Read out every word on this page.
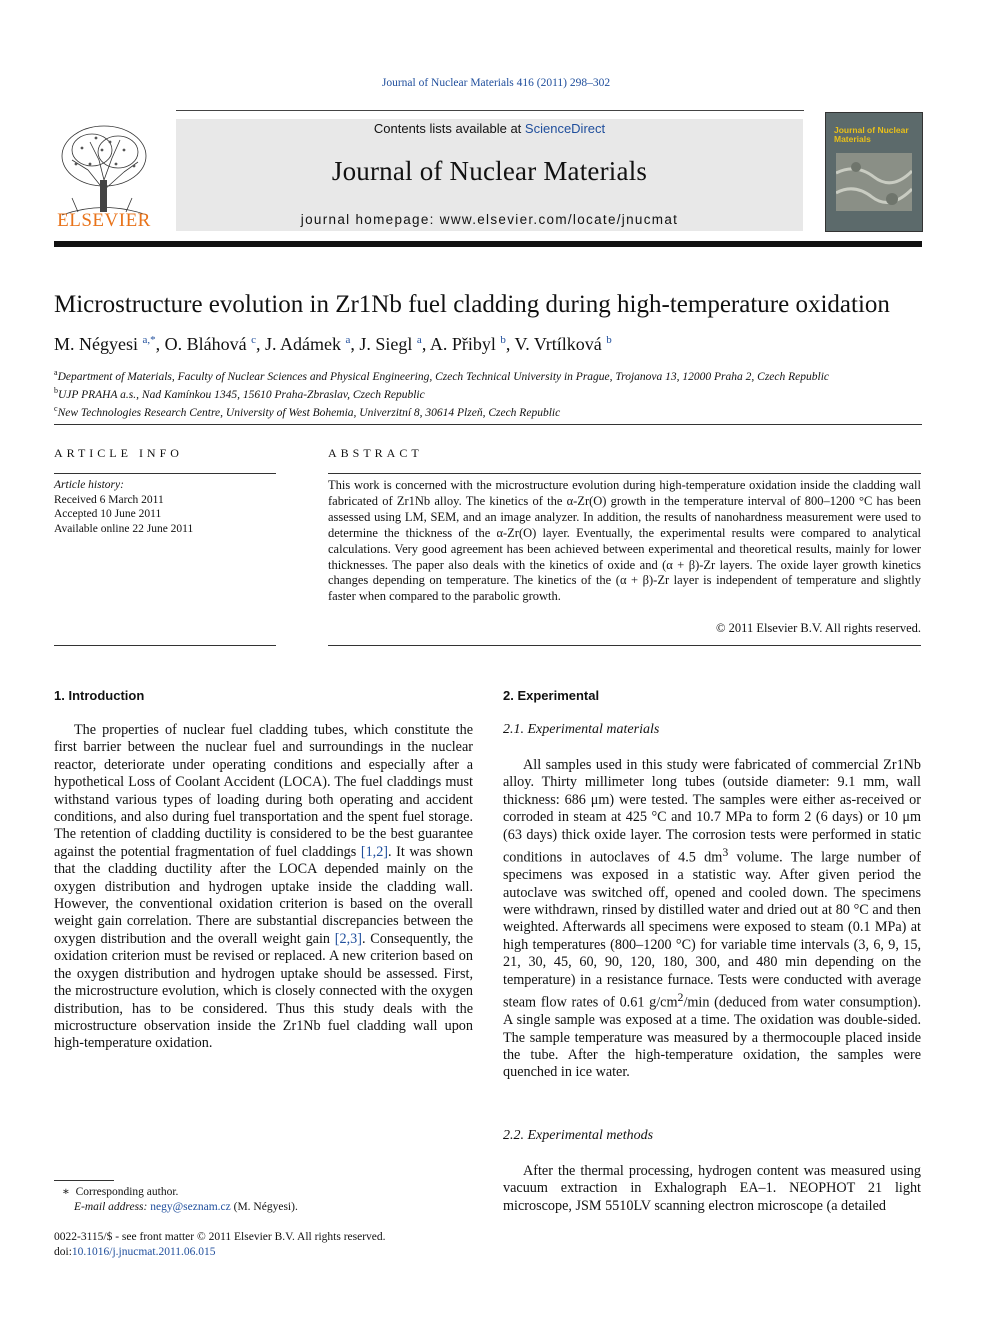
Journal of Nuclear Materials 416 (2011) 298–302
Contents lists available at ScienceDirect
Journal of Nuclear Materials
journal homepage: www.elsevier.com/locate/jnucmat
ELSEVIER
Journal of Nuclear Materials
Microstructure evolution in Zr1Nb fuel cladding during high-temperature oxidation
M. Négyesi $^{a,*}$, O. Bláhová $^c$, J. Adámek $^a$, J. Siegl $^a$, A. Přibyl $^b$, V. Vrtílková $^b$
$^a$Department of Materials, Faculty of Nuclear Sciences and Physical Engineering, Czech Technical University in Prague, Trojanova 13, 12000 Praha 2, Czech Republic
$^b$UJP PRAHA a.s., Nad Kamínkou 1345, 15610 Praha-Zbraslav, Czech Republic
$^c$New Technologies Research Centre, University of West Bohemia, Univerzitní 8, 30614 Plzeň, Czech Republic
ARTICLE INFO
Article history:
Received 6 March 2011
Accepted 10 June 2011
Available online 22 June 2011
ABSTRACT
This work is concerned with the microstructure evolution during high-temperature oxidation inside the cladding wall fabricated of Zr1Nb alloy. The kinetics of the α-Zr(O) growth in the temperature interval of 800–1200 °C has been assessed using LM, SEM, and an image analyzer. In addition, the results of nanohardness measurement were used to determine the thickness of the α-Zr(O) layer. Eventually, the experimental results were compared to analytical calculations. Very good agreement has been achieved between experimental and theoretical results, mainly for lower thicknesses. The paper also deals with the kinetics of oxide and (α + β)-Zr layers. The oxide layer growth kinetics changes depending on temperature. The kinetics of the (α + β)-Zr layer is independent of temperature and slightly faster when compared to the parabolic growth.
© 2011 Elsevier B.V. All rights reserved.
1. Introduction

The properties of nuclear fuel cladding tubes, which constitute the first barrier between the nuclear fuel and surroundings in the nuclear reactor, deteriorate under operating conditions and especially after a hypothetical Loss of Coolant Accident (LOCA). The fuel claddings must withstand various types of loading during both operating and accident conditions, and also during fuel transportation and the spent fuel storage. The retention of cladding ductility is considered to be the best guarantee against the potential fragmentation of fuel claddings [1,2]. It was shown that the cladding ductility after the LOCA depended mainly on the oxygen distribution and hydrogen uptake inside the cladding wall. However, the conventional oxidation criterion is based on the overall weight gain correlation. There are substantial discrepancies between the oxygen distribution and the overall weight gain [2,3]. Consequently, the oxidation criterion must be revised or replaced. A new criterion based on the oxygen distribution and hydrogen uptake should be assessed. First, the microstructure evolution, which is closely connected with the oxygen distribution, has to be considered. Thus this study deals with the microstructure observation inside the Zr1Nb fuel cladding wall upon high-temperature oxidation.

2. Experimental
2.1. Experimental materials

All samples used in this study were fabricated of commercial Zr1Nb alloy. Thirty millimeter long tubes (outside diameter: 9.1 mm, wall thickness: 686 μm) were tested. The samples were either as-received or corroded in steam at 425 °C and 10.7 MPa to form 2 (6 days) or 10 μm (63 days) thick oxide layer. The corrosion tests were performed in static conditions in autoclaves of 4.5 $dm^3$ volume. The large number of specimens was exposed in a statistic way. After given period the autoclave was switched off, opened and cooled down. The specimens were withdrawn, rinsed by distilled water and dried out at 80 °C and then weighted. Afterwards all specimens were exposed to steam (0.1 MPa) at high temperatures (800–1200 °C) for variable time intervals (3, 6, 9, 15, 21, 30, 45, 60, 90, 120, 180, 300, and 480 min depending on the temperature) in a resistance furnace. Tests were conducted with average steam flow rates of 0.61 $g/cm^2/\min$ (deduced from water consumption). A single sample was exposed at a time. The oxidation was double-sided. The sample temperature was measured by a thermocouple placed inside the tube. After the high-temperature oxidation, the samples were quenched in ice water.

2.2. Experimental methods

After the thermal processing, hydrogen content was measured using vacuum extraction in Exhalograph EA–1. NEOPHOT 21 light microscope, JSM 5510LV scanning electron microscope (a detailed

∗  Corresponding author.
E-mail address: negy@seznam.cz (M. Négyesi).
0022-3115/$ - see front matter © 2011 Elsevier B.V. All rights reserved.
doi:10.1016/j.jnucmat.2011.06.015
